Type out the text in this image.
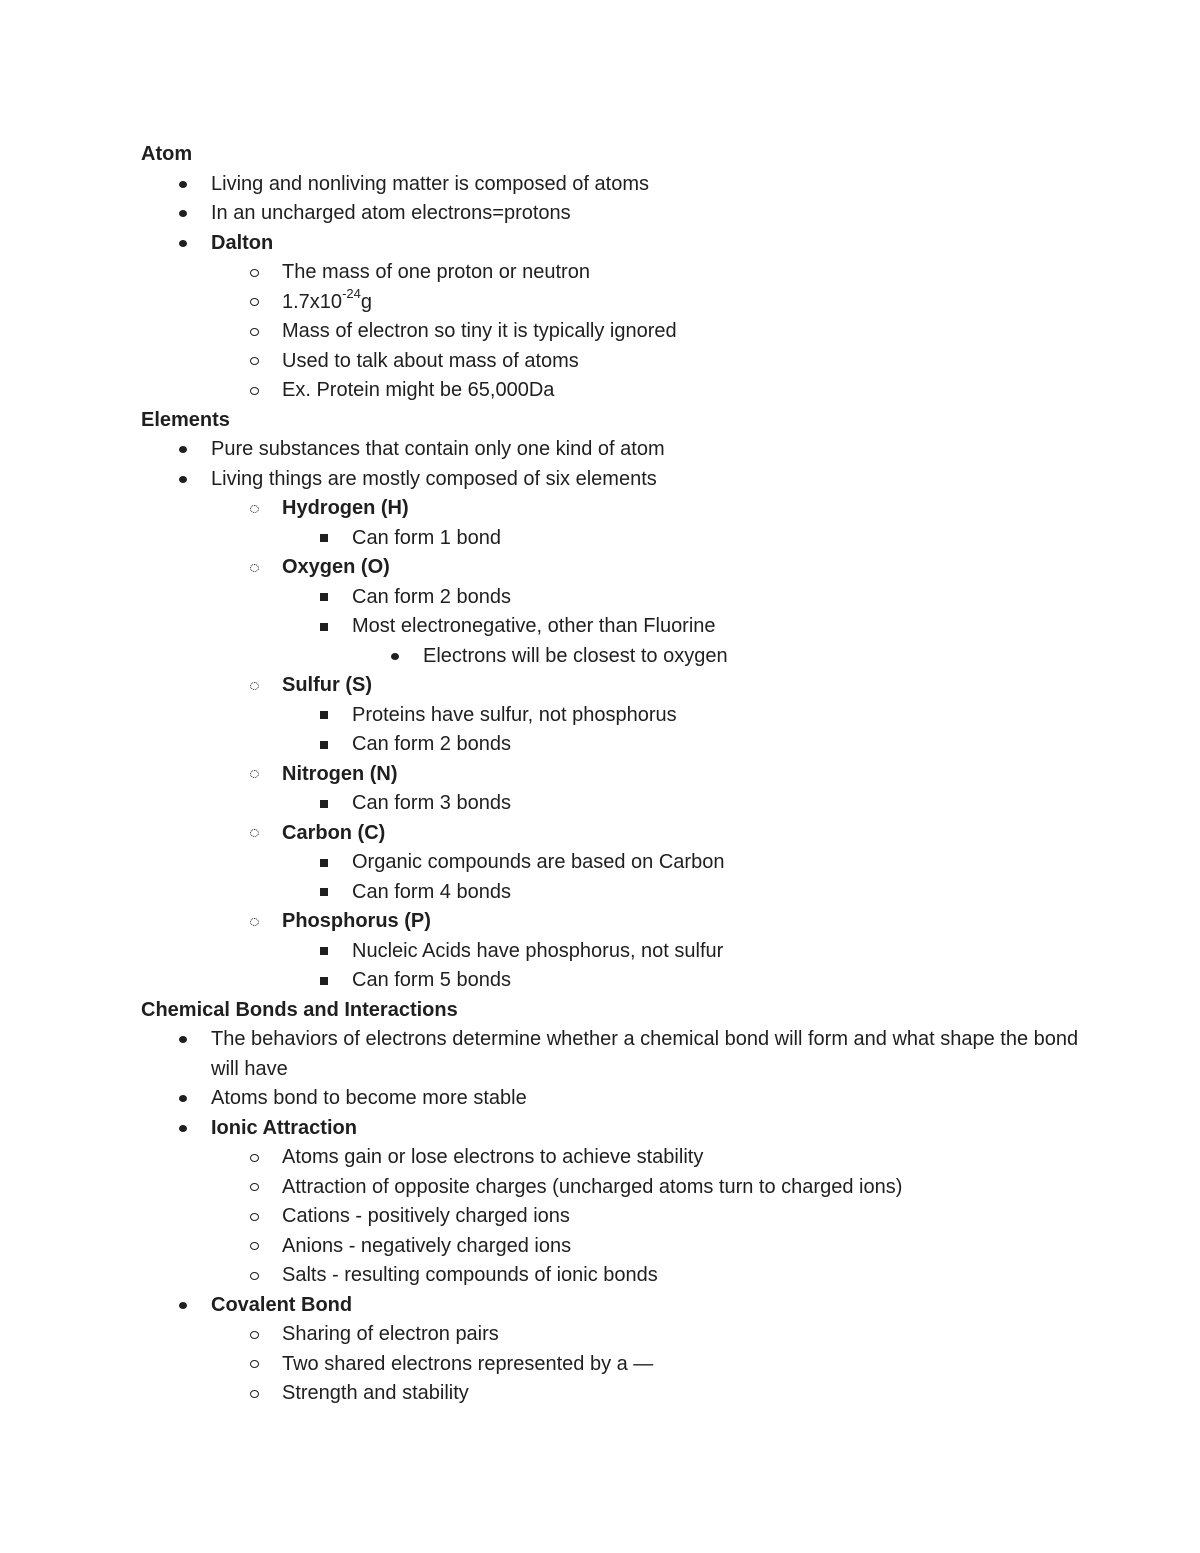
Atom
Living and nonliving matter is composed of atoms
In an uncharged atom electrons=protons
Dalton
The mass of one proton or neutron
$1.7x10^{-24}g$
Mass of electron so tiny it is typically ignored
Used to talk about mass of atoms
Ex. Protein might be 65,000Da
Elements
Pure substances that contain only one kind of atom
Living things are mostly composed of six elements
Hydrogen (H)
Can form 1 bond
Oxygen (O)
Can form 2 bonds
Most electronegative, other than Fluorine
Electrons will be closest to oxygen
Sulfur (S)
Proteins have sulfur, not phosphorus
Can form 2 bonds
Nitrogen (N)
Can form 3 bonds
Carbon (C)
Organic compounds are based on Carbon
Can form 4 bonds
Phosphorus (P)
Nucleic Acids have phosphorus, not sulfur
Can form 5 bonds
Chemical Bonds and Interactions
The behaviors of electrons determine whether a chemical bond will form and what shape the bond will have
Atoms bond to become more stable
Ionic Attraction
Atoms gain or lose electrons to achieve stability
Attraction of opposite charges (uncharged atoms turn to charged ions)
Cations - positively charged ions
Anions - negatively charged ions
Salts - resulting compounds of ionic bonds
Covalent Bond
Sharing of electron pairs
Two shared electrons represented by a —
Strength and stability
